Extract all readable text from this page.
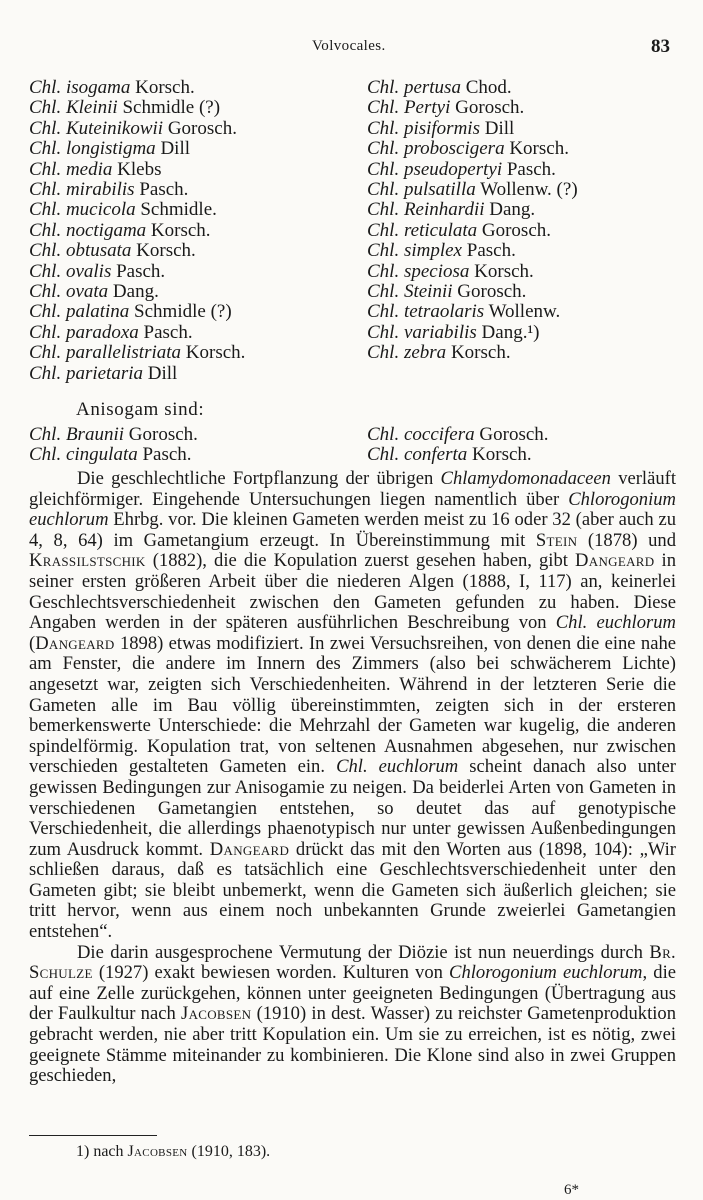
Volvocales.	83
Chl. isogama Korsch.
Chl. Kleinii Schmidle (?)
Chl. Kuteinikowii Gorosch.
Chl. longistigma Dill
Chl. media Klebs
Chl. mirabilis Pasch.
Chl. mucicola Schmidle.
Chl. noctigama Korsch.
Chl. obtusata Korsch.
Chl. ovalis Pasch.
Chl. ovata Dang.
Chl. palatina Schmidle (?)
Chl. paradoxa Pasch.
Chl. parallelistriata Korsch.
Chl. parietaria Dill
Chl. pertusa Chod.
Chl. Pertyi Gorosch.
Chl. pisiformis Dill
Chl. proboscigera Korsch.
Chl. pseudopertyi Pasch.
Chl. pulsatilla Wollenw. (?)
Chl. Reinhardii Dang.
Chl. reticulata Gorosch.
Chl. simplex Pasch.
Chl. speciosa Korsch.
Chl. Steinii Gorosch.
Chl. tetraolaris Wollenw.
Chl. variabilis Dang.¹)
Chl. zebra Korsch.
Anisogam sind:
Chl. Braunii Gorosch.
Chl. cingulata Pasch.
Chl. coccifera Gorosch.
Chl. conferta Korsch.

Die geschlechtliche Fortpflanzung der übrigen Chlamydomonadaceen verläuft gleichförmiger. Eingehende Untersuchungen liegen namentlich über Chlorogonium euchlorum Ehrbg. vor. Die kleinen Gameten werden meist zu 16 oder 32 (aber auch zu 4, 8, 64) im Gametangium erzeugt. In Übereinstimmung mit Stein (1878) und Krassilstschik (1882), die die Kopulation zuerst gesehen haben, gibt Dangeard in seiner ersten größeren Arbeit über die niederen Algen (1888, I, 117) an, keinerlei Geschlechtsverschiedenheit zwischen den Gameten gefunden zu haben. Diese Angaben werden in der späteren ausführlichen Beschreibung von Chl. euchlorum (Dangeard 1898) etwas modifiziert. In zwei Versuchsreihen, von denen die eine nahe am Fenster, die andere im Innern des Zimmers (also bei schwächerem Lichte) angesetzt war, zeigten sich Verschiedenheiten. Während in der letzteren Serie die Gameten alle im Bau völlig übereinstimmten, zeigten sich in der ersteren bemerkenswerte Unterschiede: die Mehrzahl der Gameten war kugelig, die anderen spindelförmig. Kopulation trat, von seltenen Ausnahmen abgesehen, nur zwischen verschieden gestalteten Gameten ein. Chl. euchlorum scheint danach also unter gewissen Bedingungen zur Anisogamie zu neigen. Da beiderlei Arten von Gameten in verschiedenen Gametangien entstehen, so deutet das auf genotypische Verschiedenheit, die allerdings phaenotypisch nur unter gewissen Außenbedingungen zum Ausdruck kommt. Dangeard drückt das mit den Worten aus (1898, 104): „Wir schließen daraus, daß es tatsächlich eine Geschlechtsverschiedenheit unter den Gameten gibt; sie bleibt unbemerkt, wenn die Gameten sich äußerlich gleichen; sie tritt hervor, wenn aus einem noch unbekannten Grunde zweierlei Gametangien entstehen“.

Die darin ausgesprochene Vermutung der Diözie ist nun neuerdings durch Br. Schulze (1927) exakt bewiesen worden. Kulturen von Chlorogonium euchlorum, die auf eine Zelle zurückgehen, können unter geeigneten Bedingungen (Übertragung aus der Faulkultur nach Jacobsen (1910) in dest. Wasser) zu reichster Gametenproduktion gebracht werden, nie aber tritt Kopulation ein. Um sie zu erreichen, ist es nötig, zwei geeignete Stämme miteinander zu kombinieren. Die Klone sind also in zwei Gruppen geschieden,

1) nach Jacobsen (1910, 183).
6*
